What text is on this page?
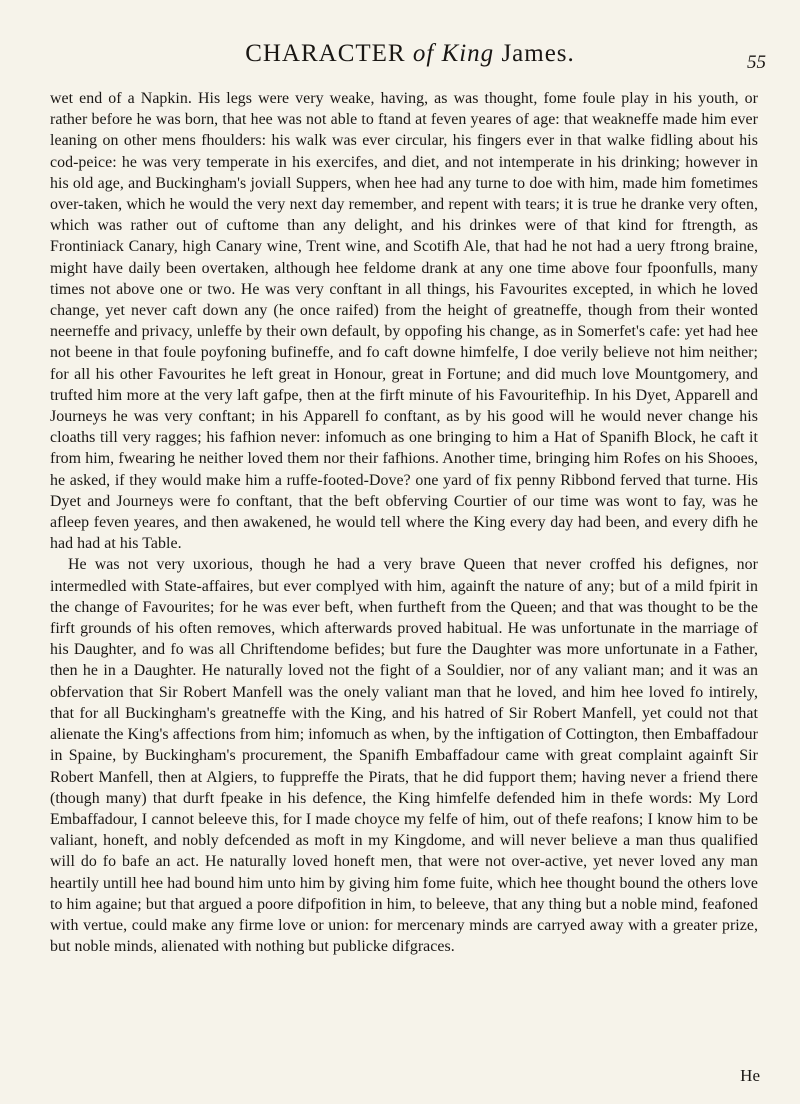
CHARACTER of King James.	55

wet end of a Napkin. His legs were very weake, having, as was thought, fome foule play in his youth, or rather before he was born, that hee was not able to ftand at feven yeares of age: that weakneffe made him ever leaning on other mens fhoulders: his walk was ever circular, his fingers ever in that walke fidling about his cod-peice: he was very temperate in his exercifes, and diet, and not intemperate in his drinking; however in his old age, and Buckingham's joviall Suppers, when hee had any turne to doe with him, made him fometimes over-taken, which he would the very next day remember, and repent with tears; it is true he dranke very often, which was rather out of cuftome than any delight, and his drinkes were of that kind for ftrength, as Frontiniack Canary, high Canary wine, Trent wine, and Scotifh Ale, that had he not had a uery ftrong braine, might have daily been overtaken, although hee feldome drank at any one time above four fpoonfulls, many times not above one or two. He was very conftant in all things, his Favourites excepted, in which he loved change, yet never caft down any (he once raifed) from the height of greatneffe, though from their wonted neerneffe and privacy, unleffe by their own default, by oppofing his change, as in Somerfet's cafe: yet had hee not beene in that foule poyfoning bufineffe, and fo caft downe himfelfe, I doe verily believe not him neither; for all his other Favourites he left great in Honour, great in Fortune; and did much love Mountgomery, and trufted him more at the very laft gafpe, then at the firft minute of his Favouritefhip. In his Dyet, Apparell and Journeys he was very conftant; in his Apparell fo conftant, as by his good will he would never change his cloaths till very ragges; his fafhion never: infomuch as one bringing to him a Hat of Spanifh Block, he caft it from him, fwearing he neither loved them nor their fafhions. Another time, bringing him Rofes on his Shooes, he asked, if they would make him a ruffe-footed-Dove? one yard of fix penny Ribbond ferved that turne. His Dyet and Journeys were fo conftant, that the beft obferving Courtier of our time was wont to fay, was he afleep feven yeares, and then awakened, he would tell where the King every day had been, and every difh he had had at his Table.

He was not very uxorious, though he had a very brave Queen that never croffed his defignes, nor intermedled with State-affaires, but ever complyed with him, againft the nature of any; but of a mild fpirit in the change of Favourites; for he was ever beft, when furtheft from the Queen; and that was thought to be the firft grounds of his often removes, which afterwards proved habitual. He was unfortunate in the marriage of his Daughter, and fo was all Chriftendome befides; but fure the Daughter was more unfortunate in a Father, then he in a Daughter. He naturally loved not the fight of a Souldier, nor of any valiant man; and it was an obfervation that Sir Robert Manfell was the onely valiant man that he loved, and him hee loved fo intirely, that for all Buckingham's greatneffe with the King, and his hatred of Sir Robert Manfell, yet could not that alienate the King's affections from him; infomuch as when, by the inftigation of Cottington, then Embaffadour in Spaine, by Buckingham's procurement, the Spanifh Embaffadour came with great complaint againft Sir Robert Manfell, then at Algiers, to fuppreffe the Pirats, that he did fupport them; having never a friend there (though many) that durft fpeake in his defence, the King himfelfe defended him in thefe words: My Lord Embaffadour, I cannot beleeve this, for I made choyce my felfe of him, out of thefe reafons; I know him to be valiant, honeft, and nobly defcended as moft in my Kingdome, and will never believe a man thus qualified will do fo bafe an act. He naturally loved honeft men, that were not over-active, yet never loved any man heartily untill hee had bound him unto him by giving him fome fuite, which hee thought bound the others love to him againe; but that argued a poore difpofition in him, to beleeve, that any thing but a noble mind, feafoned with vertue, could make any firme love or union: for mercenary minds are carryed away with a greater prize, but noble minds, alienated with nothing but publicke difgraces.

He
